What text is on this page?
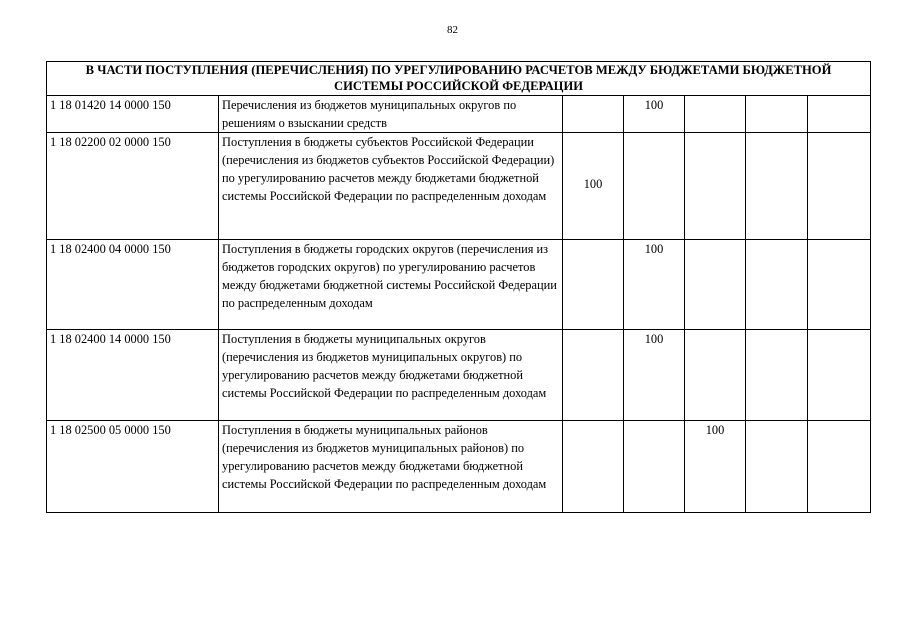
82
В ЧАСТИ ПОСТУПЛЕНИЯ (ПЕРЕЧИСЛЕНИЯ) ПО УРЕГУЛИРОВАНИЮ РАСЧЕТОВ МЕЖДУ БЮДЖЕТАМИ БЮДЖЕТНОЙ СИСТЕМЫ РОССИЙСКОЙ ФЕДЕРАЦИИ						
1 18 01420 14 0000 150	Перечисления из бюджетов муниципальных округов по решениям о взыскании средств		100			
1 18 02200 02 0000 150	Поступления в бюджеты субъектов Российской Федерации (перечисления из бюджетов субъектов Российской Федерации) по урегулированию расчетов между бюджетами бюджетной системы Российской Федерации по распределенным доходам	100				
1 18 02400 04 0000 150	Поступления в бюджеты городских округов (перечисления из бюджетов городских округов) по урегулированию расчетов между бюджетами бюджетной системы Российской Федерации по распределенным доходам		100			
1 18 02400 14 0000 150	Поступления в бюджеты муниципальных округов (перечисления из бюджетов муниципальных округов) по урегулированию расчетов между бюджетами бюджетной системы Российской Федерации по распределенным доходам		100			
1 18 02500 05 0000 150	Поступления в бюджеты муниципальных районов (перечисления из бюджетов муниципальных районов) по урегулированию расчетов между бюджетами бюджетной системы Российской Федерации по распределенным доходам			100		
